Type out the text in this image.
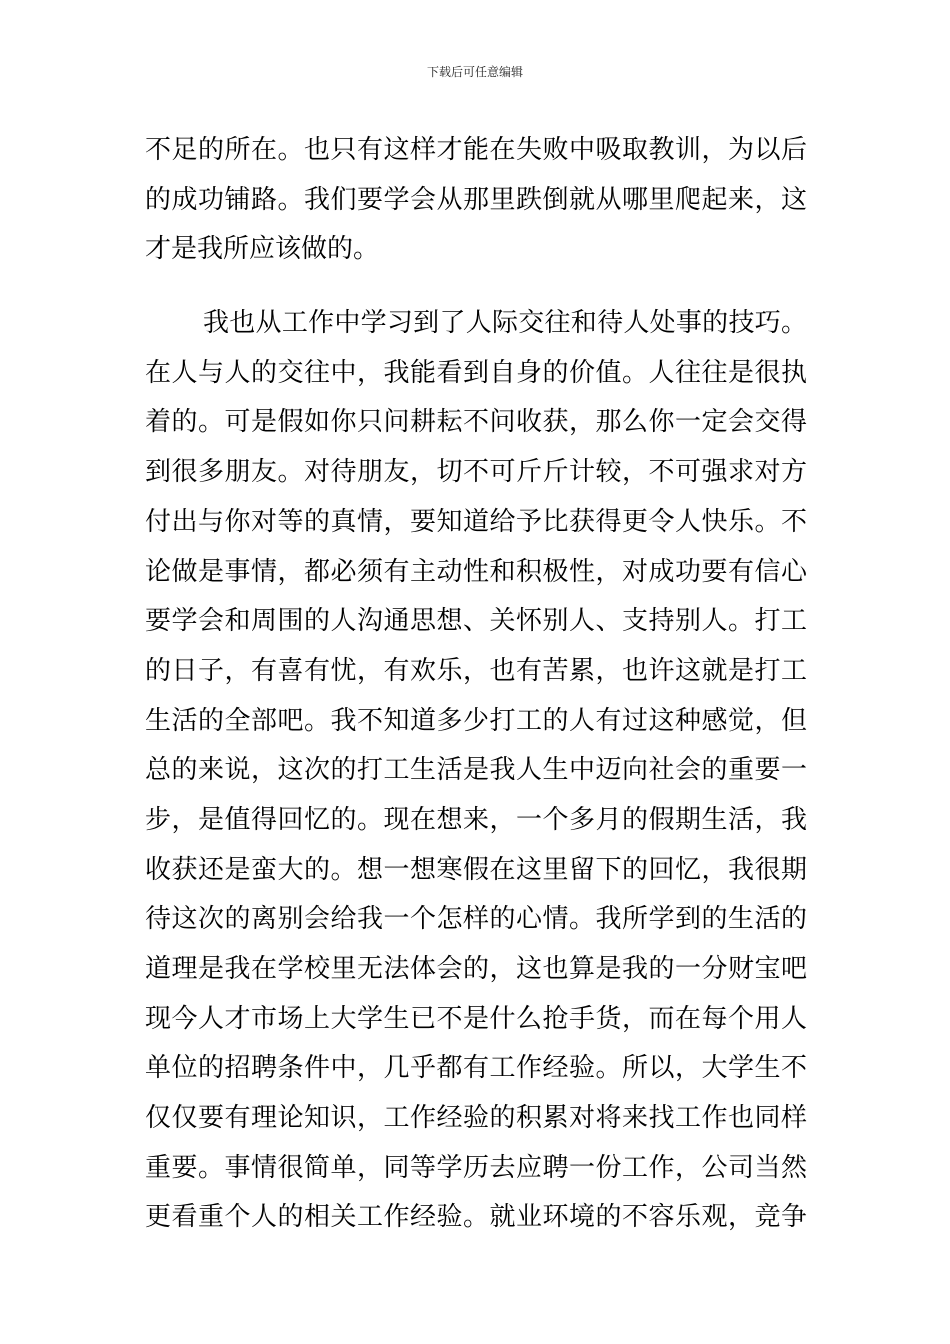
下载后可任意编辑
不足的所在。也只有这样才能在失败中吸取教训，为以后
的成功铺路。我们要学会从那里跌倒就从哪里爬起来，这
才是我所应该做的。
我也从工作中学习到了人际交往和待人处事的技巧。
在人与人的交往中，我能看到自身的价值。人往往是很执
着的。可是假如你只问耕耘不问收获，那么你一定会交得
到很多朋友。对待朋友，切不可斤斤计较，不可强求对方
付出与你对等的真情，要知道给予比获得更令人快乐。不
论做是事情，都必须有主动性和积极性，对成功要有信心
要学会和周围的人沟通思想、关怀别人、支持别人。打工
的日子，有喜有忧，有欢乐，也有苦累，也许这就是打工
生活的全部吧。我不知道多少打工的人有过这种感觉，但
总的来说，这次的打工生活是我人生中迈向社会的重要一
步，是值得回忆的。现在想来，一个多月的假期生活，我
收获还是蛮大的。想一想寒假在这里留下的回忆，我很期
待这次的离别会给我一个怎样的心情。我所学到的生活的
道理是我在学校里无法体会的，这也算是我的一分财宝吧
现今人才市场上大学生已不是什么抢手货，而在每个用人
单位的招聘条件中，几乎都有工作经验。所以，大学生不
仅仅要有理论知识，工作经验的积累对将来找工作也同样
重要。事情很简单，同等学历去应聘一份工作，公司当然
更看重个人的相关工作经验。就业环境的不容乐观，竞争
